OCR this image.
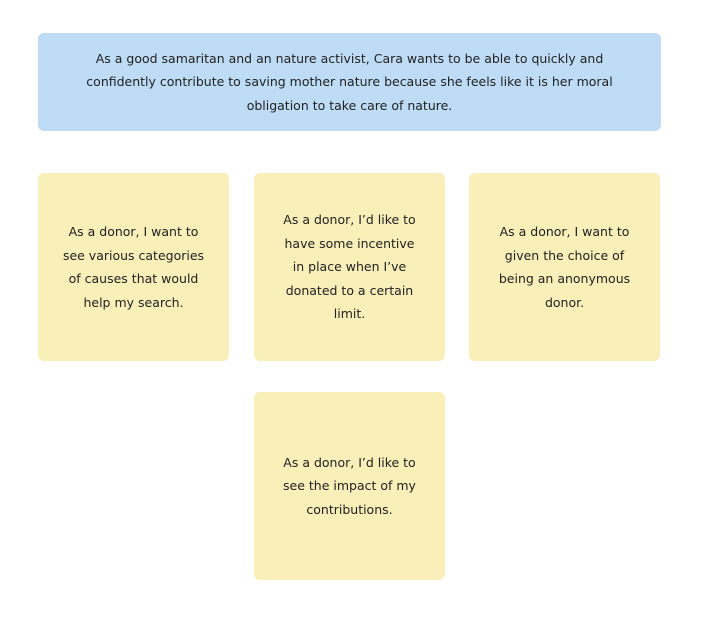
As a good samaritan and an nature activist, Cara wants to be able to quickly and confidently contribute to saving mother nature because she feels like it is her moral obligation to take care of nature.
As a donor, I want to see various categories of causes that would help my search.
As a donor, I’d like to have some incentive in place when I’ve donated to a certain limit.
As a donor, I want to given the choice of being an anonymous donor.
As a donor, I’d like to see the impact of my contributions.
